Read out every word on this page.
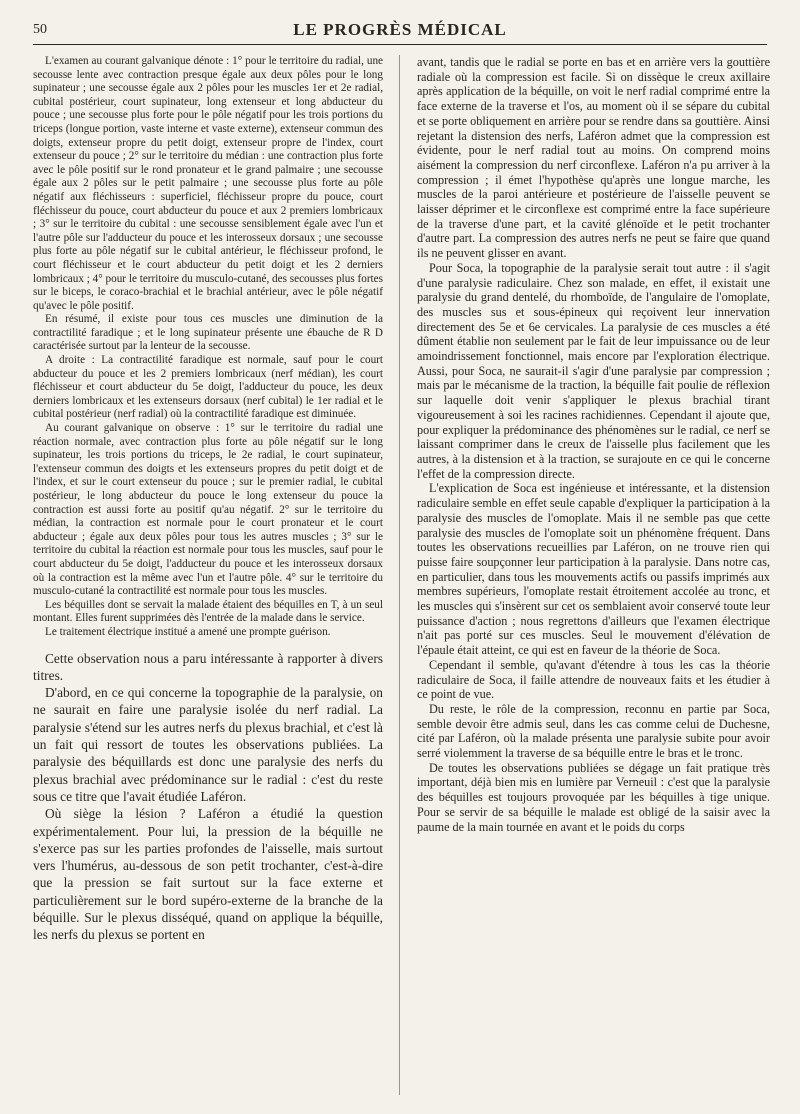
50	LE PROGRÈS MÉDICAL

L'examen au courant galvanique dénote : 1° pour le territoire du radial, une secousse lente avec contraction presque égale aux deux pôles pour le long supinateur ; une secousse égale aux 2 pôles pour les muscles 1er et 2e radial, cubital postérieur, court supinateur, long extenseur et long abducteur du pouce ; une secousse plus forte pour le pôle négatif pour les trois portions du triceps (longue portion, vaste interne et vaste externe), extenseur commun des doigts, extenseur propre du petit doigt, extenseur propre de l'index, court extenseur du pouce ; 2° sur le territoire du médian : une contraction plus forte avec le pôle positif sur le rond pronateur et le grand palmaire ; une secousse égale aux 2 pôles sur le petit palmaire ; une secousse plus forte au pôle négatif aux fléchisseurs : superficiel, fléchisseur propre du pouce, court fléchisseur du pouce, court abducteur du pouce et aux 2 premiers lombricaux ; 3° sur le territoire du cubital : une secousse sensiblement égale avec l'un et l'autre pôle sur l'adducteur du pouce et les interosseux dorsaux ; une secousse plus forte au pôle négatif sur le cubital antérieur, le fléchisseur profond, le court fléchisseur et le court abducteur du petit doigt et les 2 derniers lombricaux ; 4° pour le territoire du musculo-cutané, des secousses plus fortes sur le biceps, le coraco-brachial et le brachial antérieur, avec le pôle négatif qu'avec le pôle positif.

En résumé, il existe pour tous ces muscles une diminution de la contractilité faradique ; et le long supinateur présente une ébauche de R D caractérisée surtout par la lenteur de la secousse.

A droite : La contractilité faradique est normale, sauf pour le court abducteur du pouce et les 2 premiers lombricaux (nerf médian), les court fléchisseur et court abducteur du 5e doigt, l'adducteur du pouce, les deux derniers lombricaux et les extenseurs dorsaux (nerf cubital) le 1er radial et le cubital postérieur (nerf radial) où la contractilité faradique est diminuée.

Au courant galvanique on observe : 1° sur le territoire du radial une réaction normale, avec contraction plus forte au pôle négatif sur le long supinateur, les trois portions du triceps, le 2e radial, le court supinateur, l'extenseur commun des doigts et les extenseurs propres du petit doigt et de l'index, et sur le court extenseur du pouce ; sur le premier radial, le cubital postérieur, le long abducteur du pouce le long extenseur du pouce la contraction est aussi forte au positif qu'au négatif. 2° sur le territoire du médian, la contraction est normale pour le court pronateur et le court abducteur ; égale aux deux pôles pour tous les autres muscles ; 3° sur le territoire du cubital la réaction est normale pour tous les muscles, sauf pour le court abducteur du 5e doigt, l'adducteur du pouce et les interosseux dorsaux où la contraction est la même avec l'un et l'autre pôle. 4° sur le territoire du musculo-cutané la contractilité est normale pour tous les muscles.

Les béquilles dont se servait la malade étaient des béquilles en T, à un seul montant. Elles furent supprimées dès l'entrée de la malade dans le service.

Le traitement électrique institué a amené une prompte guérison.

Cette observation nous a paru intéressante à rapporter à divers titres.

D'abord, en ce qui concerne la topographie de la paralysie, on ne saurait en faire une paralysie isolée du nerf radial. La paralysie s'étend sur les autres nerfs du plexus brachial, et c'est là un fait qui ressort de toutes les observations publiées. La paralysie des béquillards est donc une paralysie des nerfs du plexus brachial avec prédominance sur le radial : c'est du reste sous ce titre que l'avait étudiée Laféron.

Où siège la lésion ? Laféron a étudié la question expérimentalement. Pour lui, la pression de la béquille ne s'exerce pas sur les parties profondes de l'aisselle, mais surtout vers l'humérus, au-dessous de son petit trochanter, c'est-à-dire que la pression se fait surtout sur la face externe et particulièrement sur le bord supéro-externe de la branche de la béquille. Sur le plexus disséqué, quand on applique la béquille, les nerfs du plexus se portent en

avant, tandis que le radial se porte en bas et en arrière vers la gouttière radiale où la compression est facile. Si on dissèque le creux axillaire après application de la béquille, on voit le nerf radial comprimé entre la face externe de la traverse et l'os, au moment où il se sépare du cubital et se porte obliquement en arrière pour se rendre dans sa gouttière. Ainsi rejetant la distension des nerfs, Laféron admet que la compression est évidente, pour le nerf radial tout au moins. On comprend moins aisément la compression du nerf circonflexe. Laféron n'a pu arriver à la compression ; il émet l'hypothèse qu'après une longue marche, les muscles de la paroi antérieure et postérieure de l'aisselle peuvent se laisser déprimer et le circonflexe est comprimé entre la face supérieure de la traverse d'une part, et la cavité glénoïde et le petit trochanter d'autre part. La compression des autres nerfs ne peut se faire que quand ils ne peuvent glisser en avant.

Pour Soca, la topographie de la paralysie serait tout autre : il s'agit d'une paralysie radiculaire. Chez son malade, en effet, il existait une paralysie du grand dentelé, du rhomboïde, de l'angulaire de l'omoplate, des muscles sus et sous-épineux qui reçoivent leur innervation directement des 5e et 6e cervicales. La paralysie de ces muscles a été dûment établie non seulement par le fait de leur impuissance ou de leur amoindrissement fonctionnel, mais encore par l'exploration électrique. Aussi, pour Soca, ne saurait-il s'agir d'une paralysie par compression ; mais par le mécanisme de la traction, la béquille fait poulie de réflexion sur laquelle doit venir s'appliquer le plexus brachial tirant vigoureusement à soi les racines rachidiennes. Cependant il ajoute que, pour expliquer la prédominance des phénomènes sur le radial, ce nerf se laissant comprimer dans le creux de l'aisselle plus facilement que les autres, à la distension et à la traction, se surajoute en ce qui le concerne l'effet de la compression directe.

L'explication de Soca est ingénieuse et intéressante, et la distension radiculaire semble en effet seule capable d'expliquer la participation à la paralysie des muscles de l'omoplate. Mais il ne semble pas que cette paralysie des muscles de l'omoplate soit un phénomène fréquent. Dans toutes les observations recueillies par Laféron, on ne trouve rien qui puisse faire soupçonner leur participation à la paralysie. Dans notre cas, en particulier, dans tous les mouvements actifs ou passifs imprimés aux membres supérieurs, l'omoplate restait étroitement accolée au tronc, et les muscles qui s'insèrent sur cet os semblaient avoir conservé toute leur puissance d'action ; nous regrettons d'ailleurs que l'examen électrique n'ait pas porté sur ces muscles. Seul le mouvement d'élévation de l'épaule était atteint, ce qui est en faveur de la théorie de Soca.

Cependant il semble, qu'avant d'étendre à tous les cas la théorie radiculaire de Soca, il faille attendre de nouveaux faits et les étudier à ce point de vue.

Du reste, le rôle de la compression, reconnu en partie par Soca, semble devoir être admis seul, dans les cas comme celui de Duchesne, cité par Laféron, où la malade présenta une paralysie subite pour avoir serré violemment la traverse de sa béquille entre le bras et le tronc.

De toutes les observations publiées se dégage un fait pratique très important, déjà bien mis en lumière par Verneuil : c'est que la paralysie des béquilles est toujours provoquée par les béquilles à tige unique. Pour se servir de sa béquille le malade est obligé de la saisir avec la paume de la main tournée en avant et le poids du corps
